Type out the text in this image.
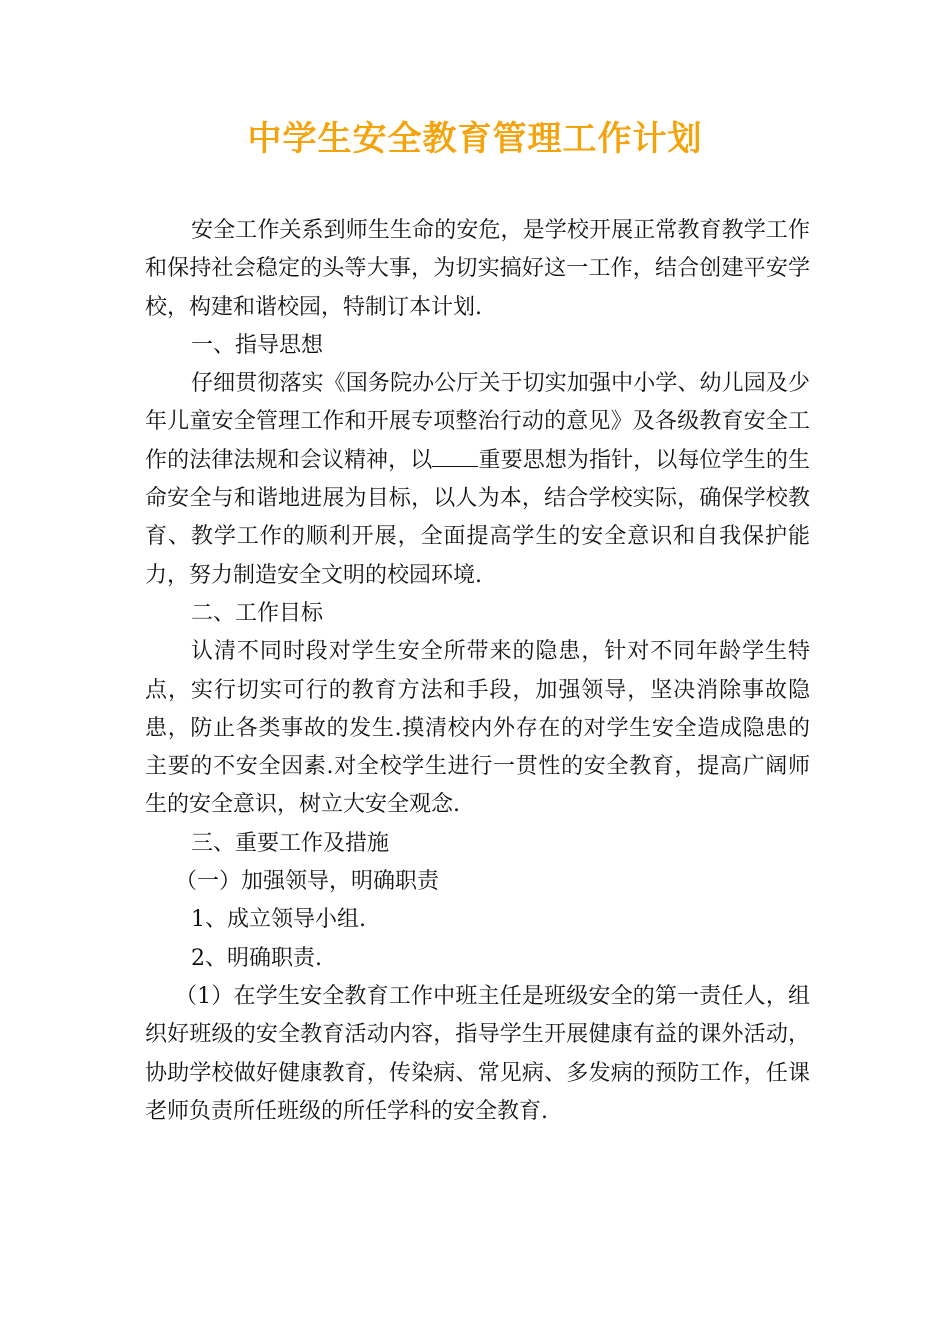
中学生安全教育管理工作计划

安全工作关系到师生生命的安危，是学校开展正常教育教学工作和保持社会稳定的头等大事，为切实搞好这一工作，结合创建平安学校，构建和谐校园，特制订本计划.

一、指导思想

仔细贯彻落实《国务院办公厅关于切实加强中小学、幼儿园及少年儿童安全管理工作和开展专项整治行动的意见》及各级教育安全工作的法律法规和会议精神，以 重要思想为指针，以每位学生的生命安全与和谐地进展为目标，以人为本，结合学校实际，确保学校教育、教学工作的顺利开展，全面提高学生的安全意识和自我保护能力，努力制造安全文明的校园环境.

二、工作目标

认清不同时段对学生安全所带来的隐患，针对不同年龄学生特点，实行切实可行的教育方法和手段，加强领导，坚决消除事故隐患，防止各类事故的发生.摸清校内外存在的对学生安全造成隐患的主要的不安全因素.对全校学生进行一贯性的安全教育，提高广阔师生的安全意识，树立大安全观念.

三、重要工作及措施

（一）加强领导，明确职责

1、成立领导小组.

2、明确职责.

（1）在学生安全教育工作中班主任是班级安全的第一责任人，组织好班级的安全教育活动内容，指导学生开展健康有益的课外活动，协助学校做好健康教育，传染病、常见病、多发病的预防工作，任课老师负责所任班级的所任学科的安全教育.
